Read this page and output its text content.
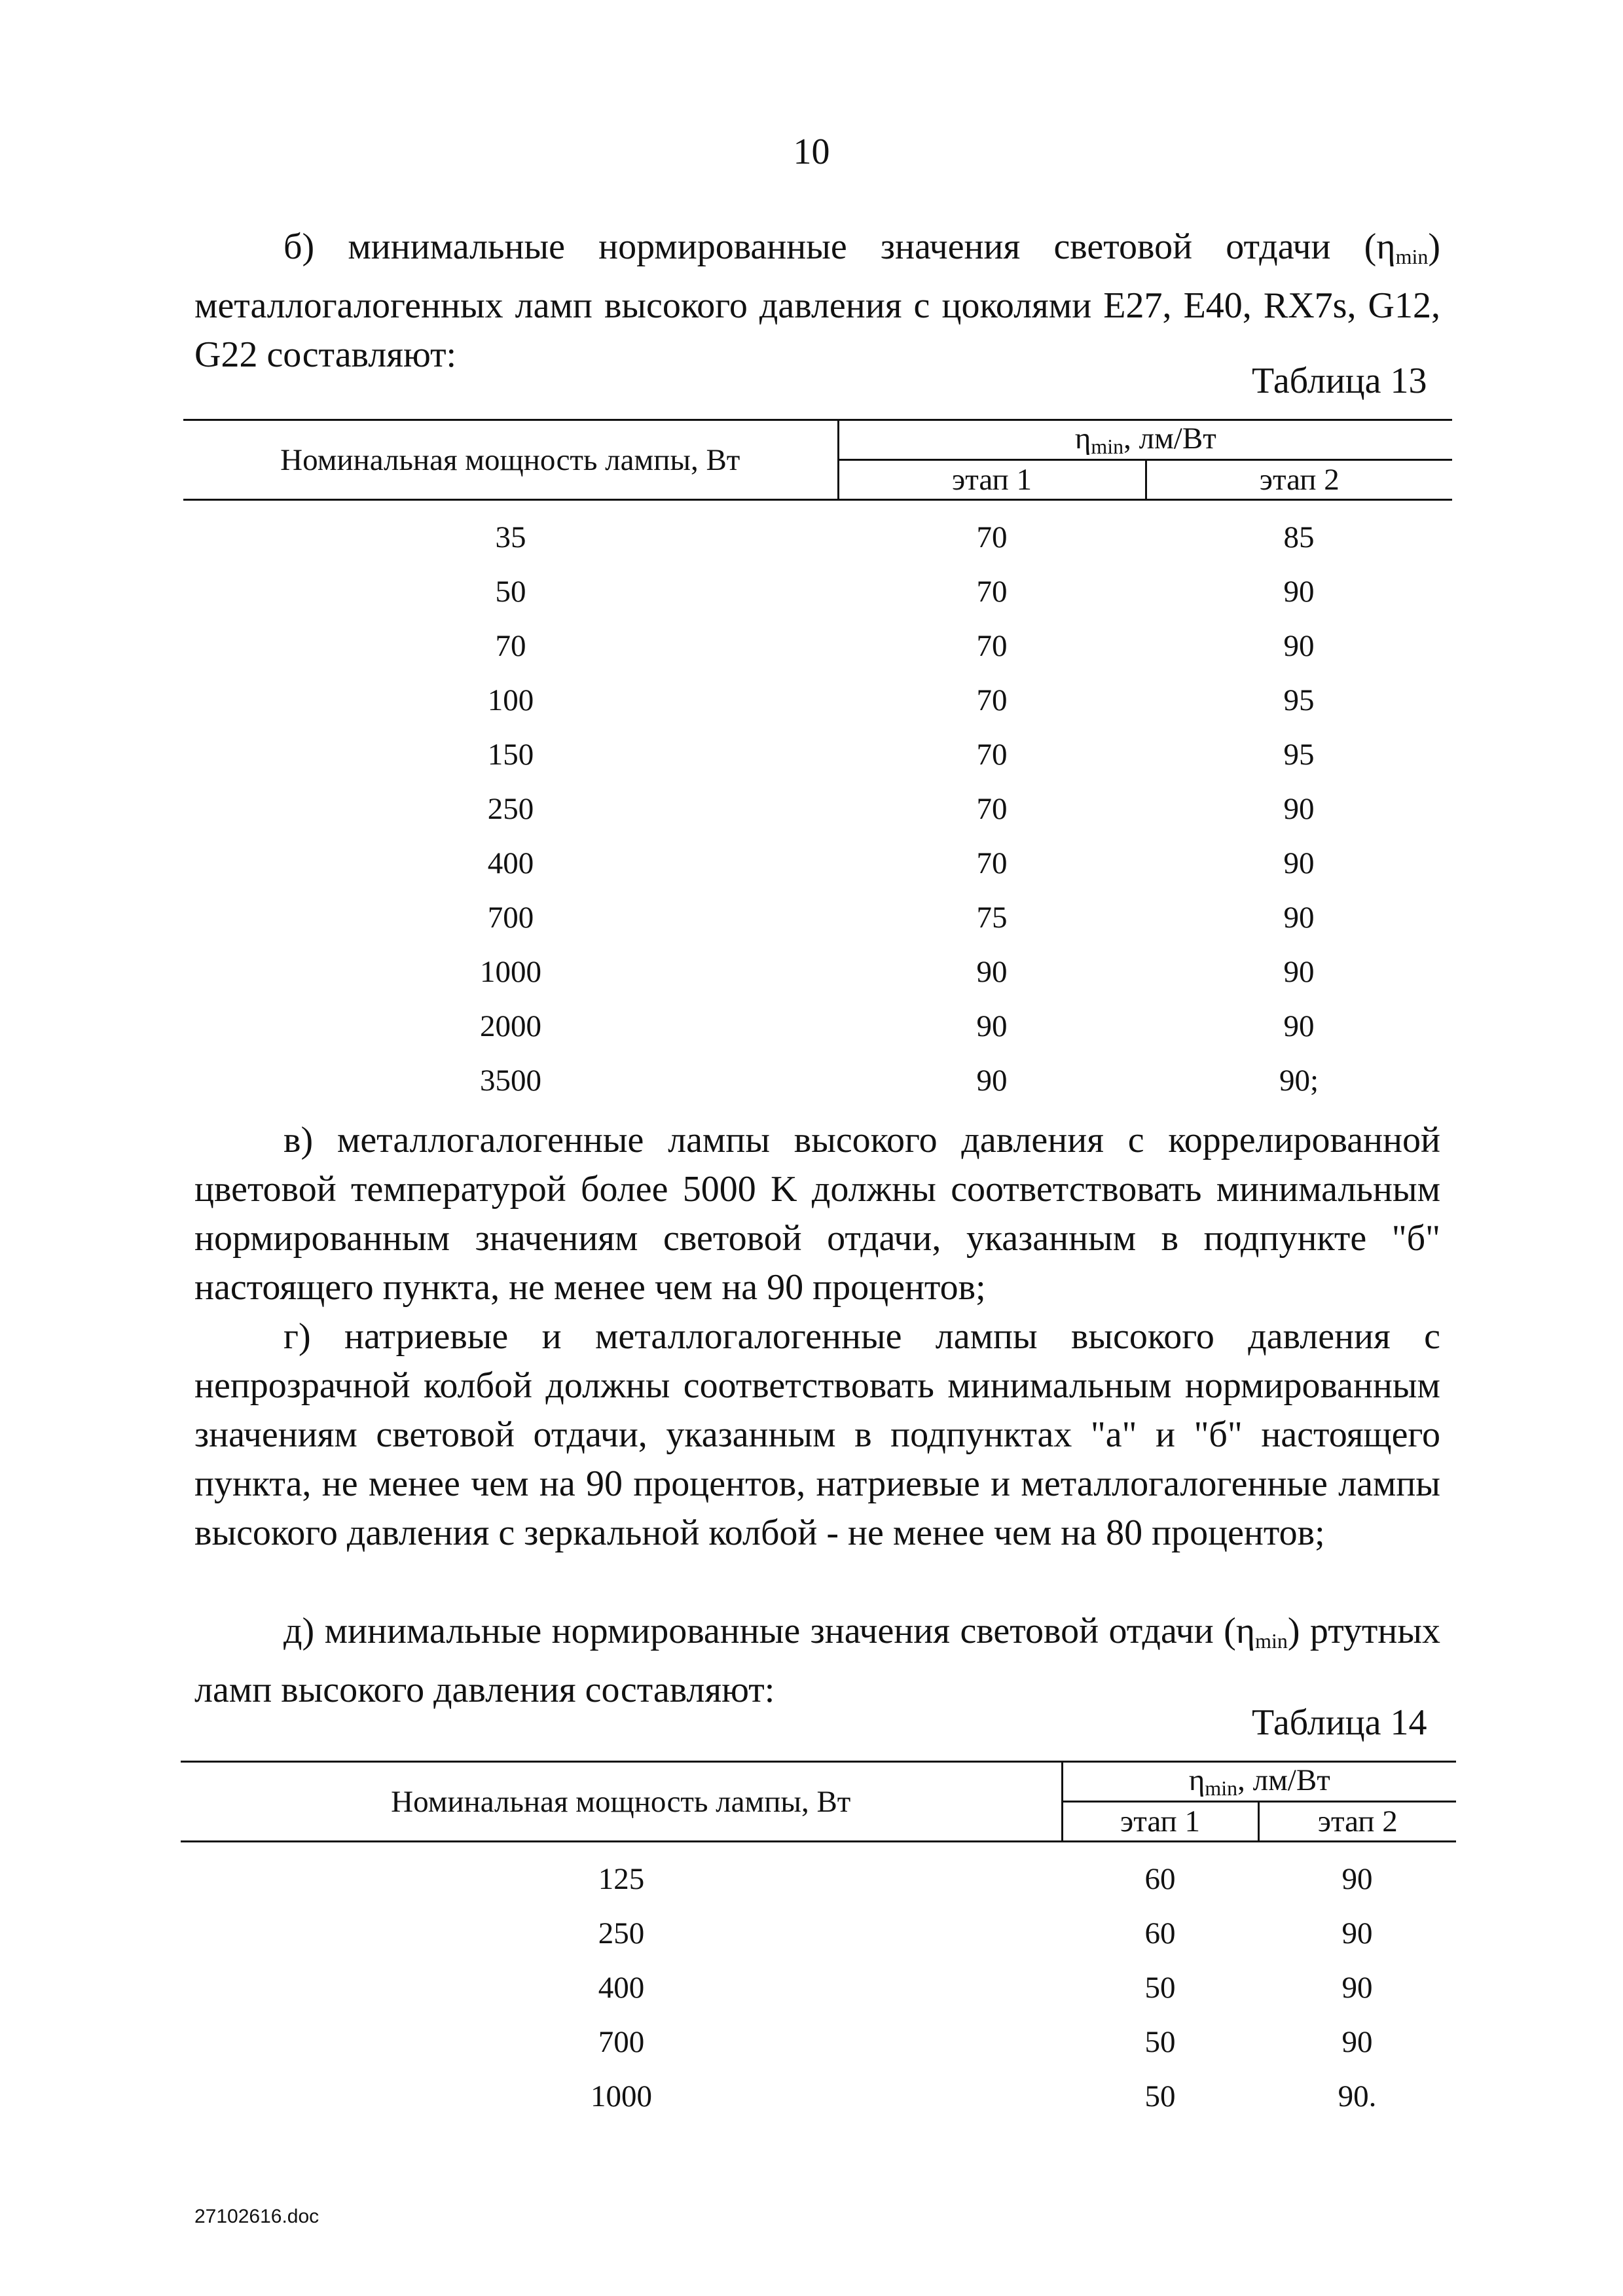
10

б) минимальные нормированные значения световой отдачи $(\eta_{min})$ металлогалогенных ламп высокого давления с цоколями E27, E40, RX7s, G12, G22 составляют:

Таблица 13
Номинальная мощность лампы, Вт	$\eta_{min}$, лм/Вт	
	этап 1	этап 2
35	70	85
50	70	90
70	70	90
100	70	95
150	70	95
250	70	90
400	70	90
700	75	90
1000	90	90
2000	90	90
3500	90	90;

в) металлогалогенные лампы высокого давления с коррелированной цветовой температурой более 5000 K должны соответствовать минимальным нормированным значениям световой отдачи, указанным в подпункте "б" настоящего пункта, не менее чем на 90 процентов;

г) натриевые и металлогалогенные лампы высокого давления с непрозрачной колбой должны соответствовать минимальным нормированным значениям световой отдачи, указанным в подпунктах "а" и "б" настоящего пункта, не менее чем на 90 процентов, натриевые и металлогалогенные лампы высокого давления с зеркальной колбой - не менее чем на 80 процентов;

д) минимальные нормированные значения световой отдачи $(\eta_{min})$ ртутных ламп высокого давления составляют:

Таблица 14
Номинальная мощность лампы, Вт	$\eta_{min}$, лм/Вт	
	этап 1	этап 2
125	60	90
250	60	90
400	50	90
700	50	90
1000	50	90.
27102616.doc
